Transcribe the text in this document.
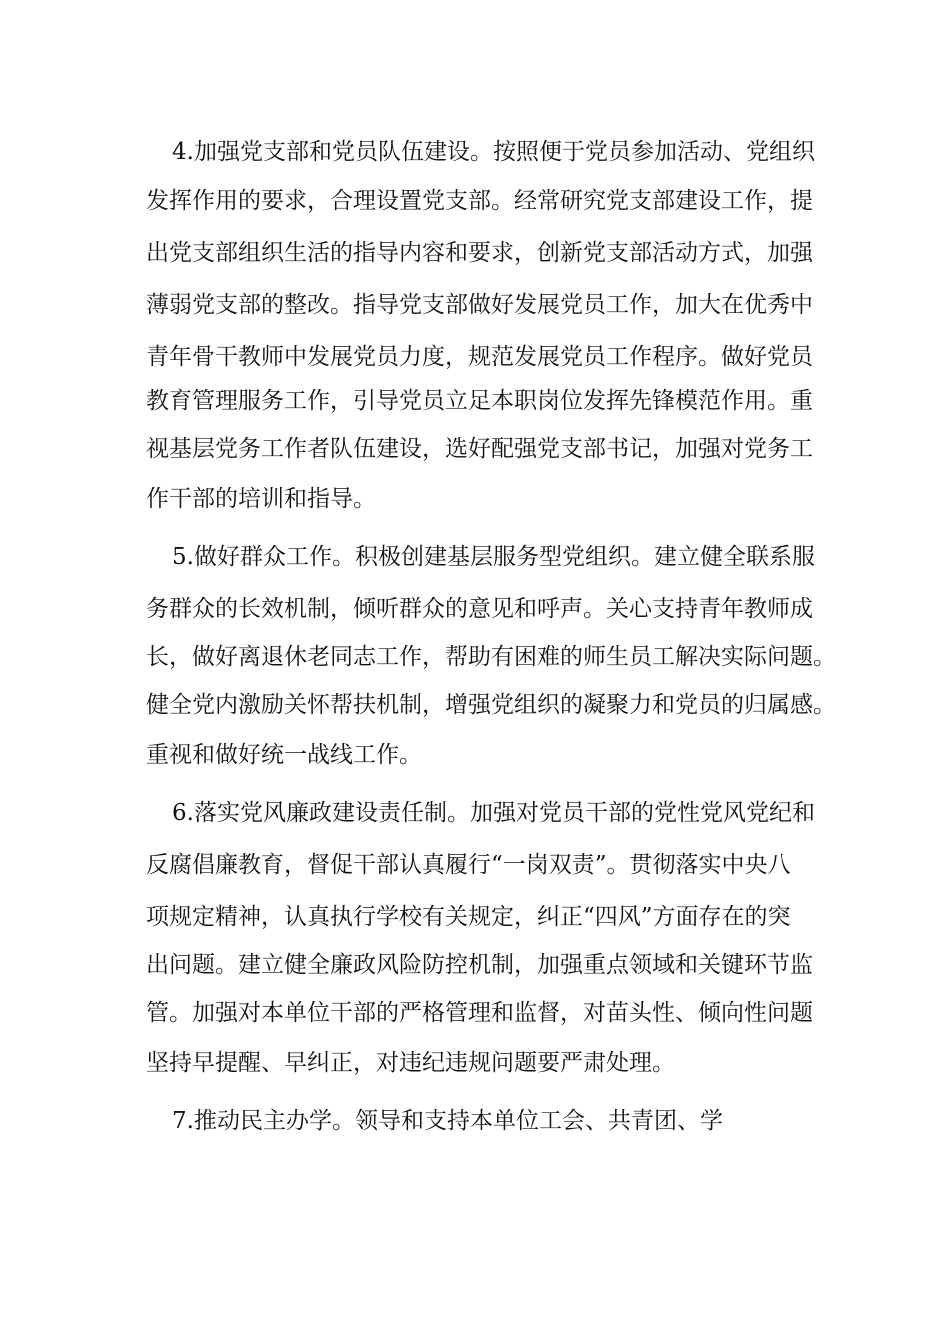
4.加强党支部和党员队伍建设。按照便于党员参加活动、党组织
发挥作用的要求，合理设置党支部。经常研究党支部建设工作，提
出党支部组织生活的指导内容和要求，创新党支部活动方式，加强
薄弱党支部的整改。指导党支部做好发展党员工作，加大在优秀中
青年骨干教师中发展党员力度，规范发展党员工作程序。做好党员
教育管理服务工作，引导党员立足本职岗位发挥先锋模范作用。重
视基层党务工作者队伍建设，选好配强党支部书记，加强对党务工
作干部的培训和指导。
5.做好群众工作。积极创建基层服务型党组织。建立健全联系服
务群众的长效机制，倾听群众的意见和呼声。关心支持青年教师成
长，做好离退休老同志工作，帮助有困难的师生员工解决实际问题。
健全党内激励关怀帮扶机制，增强党组织的凝聚力和党员的归属感。
重视和做好统一战线工作。
6.落实党风廉政建设责任制。加强对党员干部的党性党风党纪和
反腐倡廉教育，督促干部认真履行“一岗双责”。贯彻落实中央八
项规定精神，认真执行学校有关规定，纠正“四风”方面存在的突
出问题。建立健全廉政风险防控机制，加强重点领域和关键环节监
管。加强对本单位干部的严格管理和监督，对苗头性、倾向性问题
坚持早提醒、早纠正，对违纪违规问题要严肃处理。
7.推动民主办学。领导和支持本单位工会、共青团、学
